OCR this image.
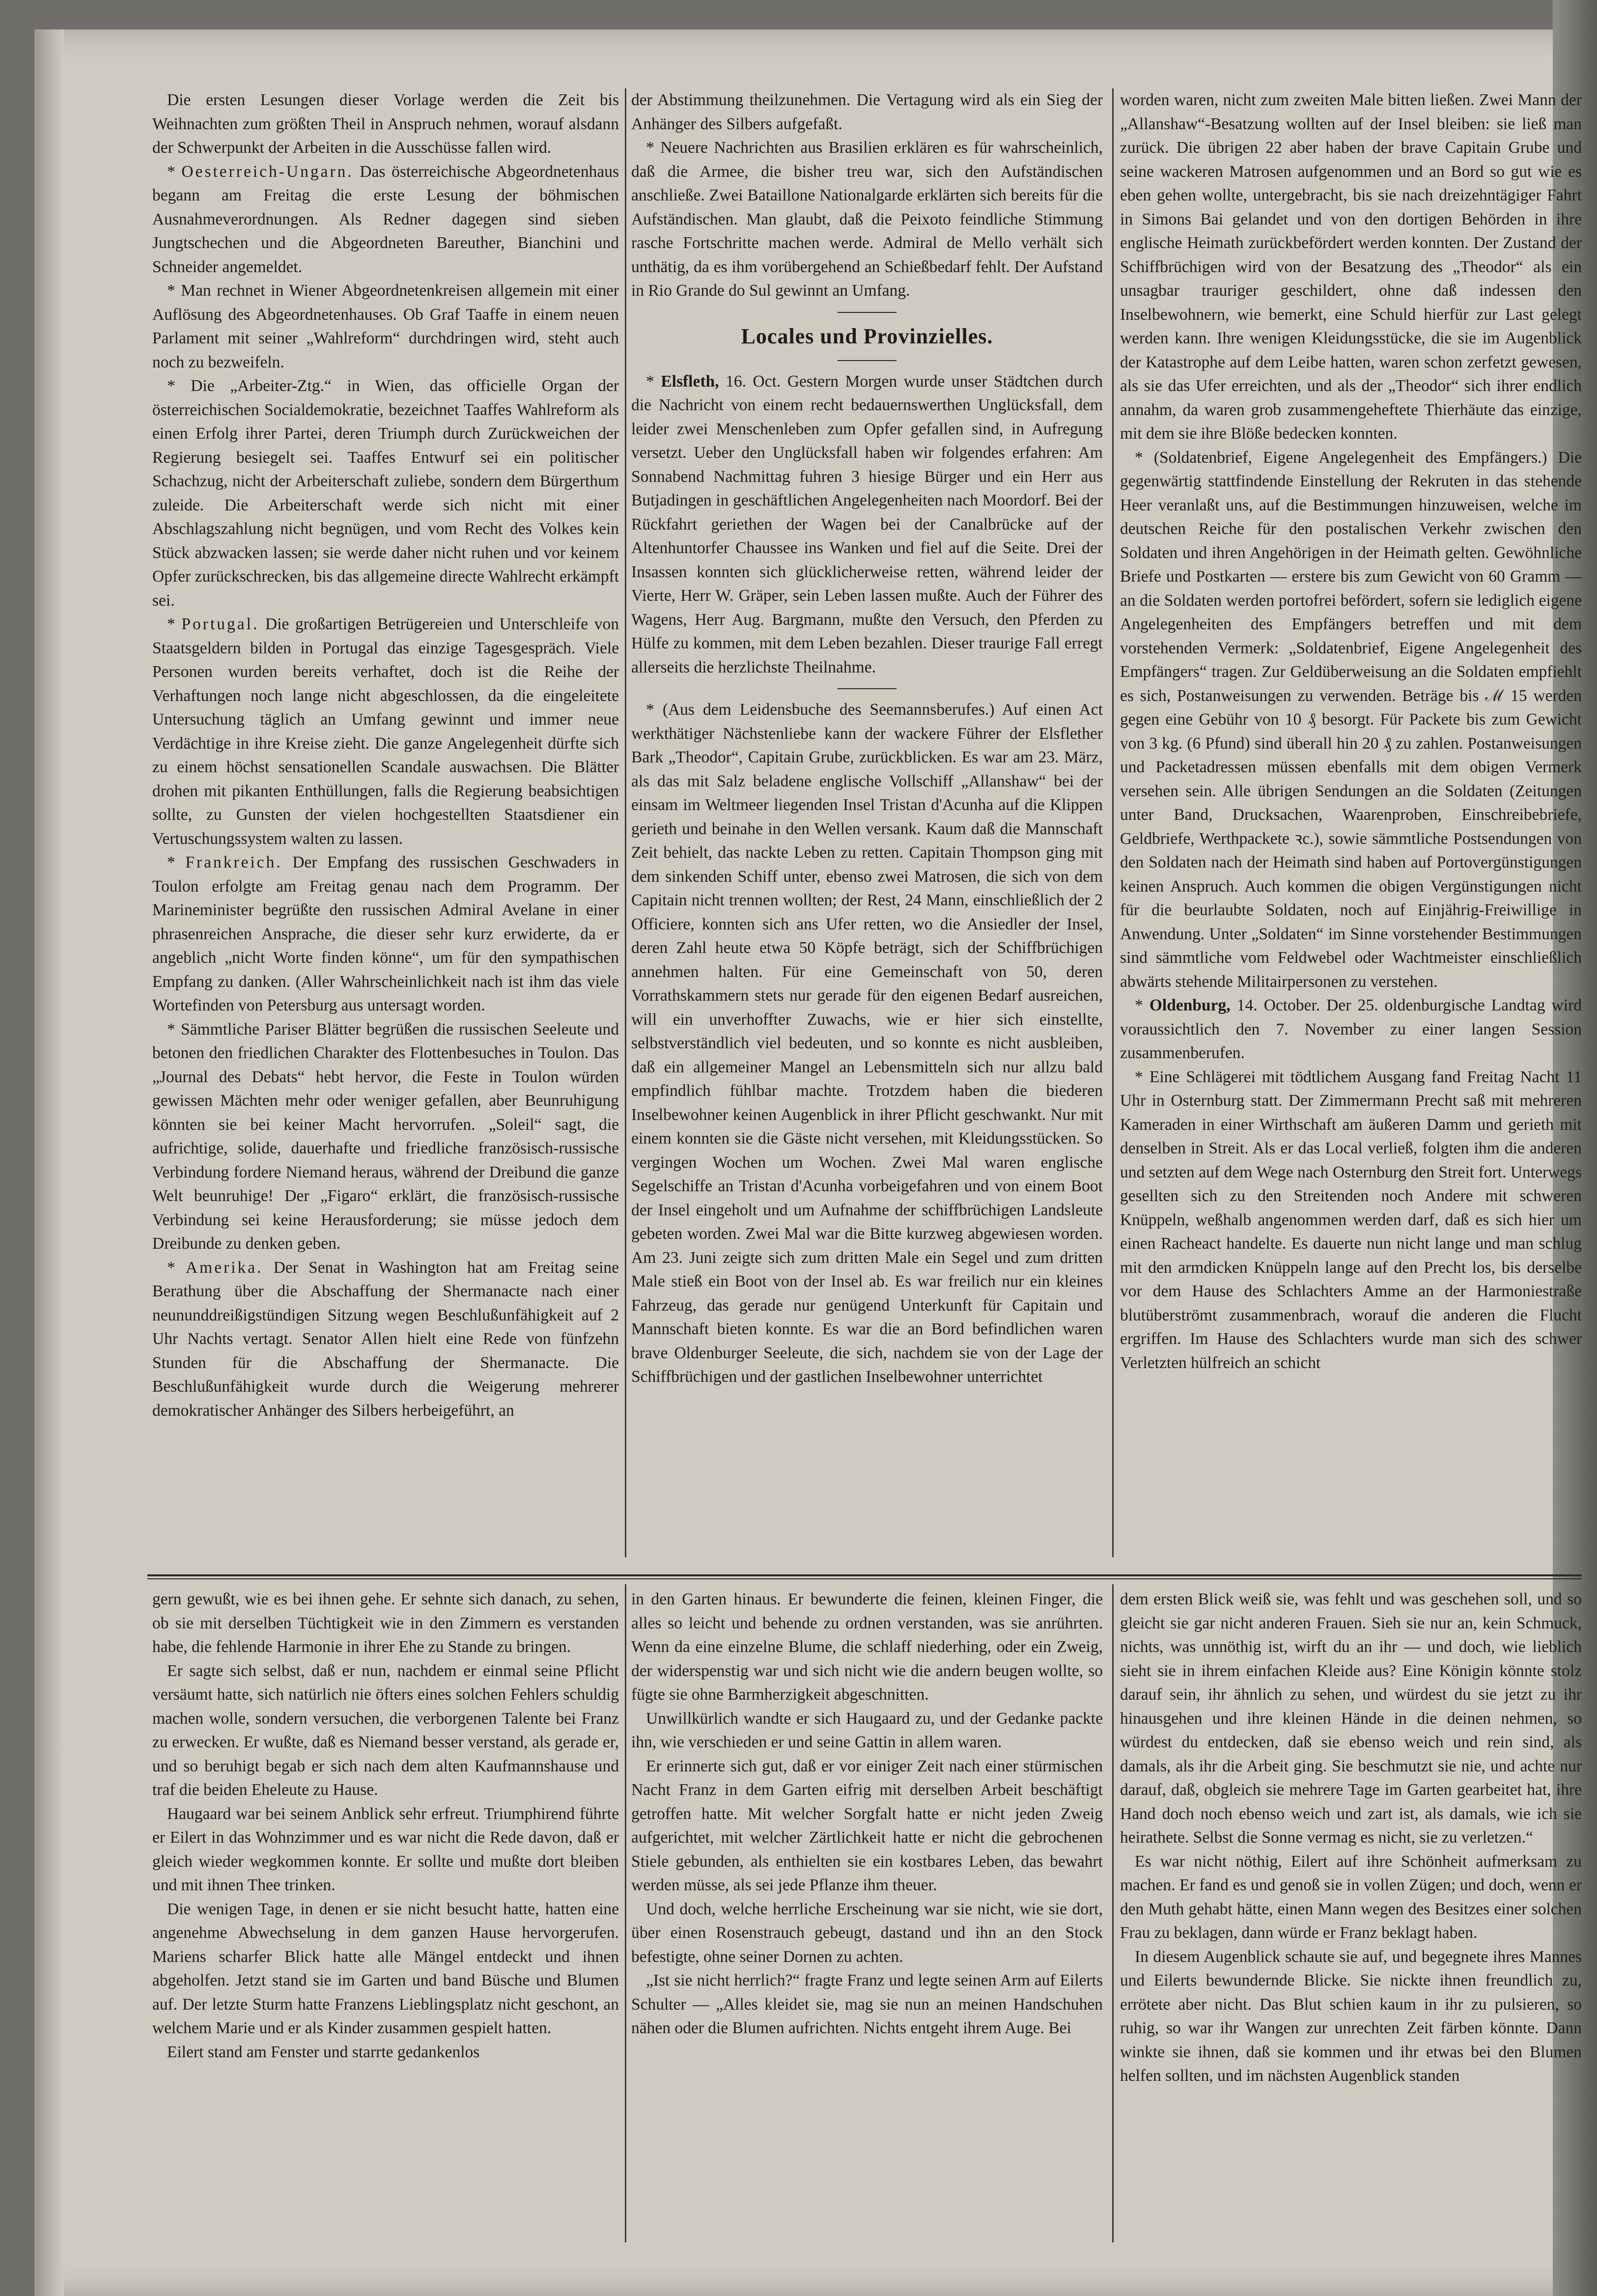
Die ersten Lesungen dieser Vorlage werden die Zeit bis Weihnachten zum größten Theil in Anspruch nehmen, worauf alsdann der Schwerpunkt der Arbeiten in die Ausschüsse fallen wird.

* Oesterreich-Ungarn. Das österreichische Abgeordnetenhaus begann am Freitag die erste Lesung der böhmischen Ausnahmeverordnungen. Als Redner dagegen sind sieben Jungtschechen und die Abgeordneten Bareuther, Bianchini und Schneider angemeldet.

* Man rechnet in Wiener Abgeordnetenkreisen allgemein mit einer Auflösung des Abgeordnetenhauses. Ob Graf Taaffe in einem neuen Parlament mit seiner „Wahlreform“ durchdringen wird, steht auch noch zu bezweifeln.

* Die „Arbeiter-Ztg.“ in Wien, das officielle Organ der österreichischen Socialdemokratie, bezeichnet Taaffes Wahlreform als einen Erfolg ihrer Partei, deren Triumph durch Zurückweichen der Regierung besiegelt sei. Taaffes Entwurf sei ein politischer Schachzug, nicht der Arbeiterschaft zuliebe, sondern dem Bürgerthum zuleide. Die Arbeiterschaft werde sich nicht mit einer Abschlagszahlung nicht begnügen, und vom Recht des Volkes kein Stück abzwacken lassen; sie werde daher nicht ruhen und vor keinem Opfer zurückschrecken, bis das allgemeine directe Wahlrecht erkämpft sei.

* Portugal. Die großartigen Betrügereien und Unterschleife von Staatsgeldern bilden in Portugal das einzige Tagesgespräch. Viele Personen wurden bereits verhaftet, doch ist die Reihe der Verhaftungen noch lange nicht abgeschlossen, da die eingeleitete Untersuchung täglich an Umfang gewinnt und immer neue Verdächtige in ihre Kreise zieht. Die ganze Angelegenheit dürfte sich zu einem höchst sensationellen Scandale auswachsen. Die Blätter drohen mit pikanten Enthüllungen, falls die Regierung beabsichtigen sollte, zu Gunsten der vielen hochgestellten Staatsdiener ein Vertuschungssystem walten zu lassen.

* Frankreich. Der Empfang des russischen Geschwaders in Toulon erfolgte am Freitag genau nach dem Programm. Der Marineminister begrüßte den russischen Admiral Avelane in einer phrasenreichen Ansprache, die dieser sehr kurz erwiderte, da er angeblich „nicht Worte finden könne“, um für den sympathischen Empfang zu danken. (Aller Wahrscheinlichkeit nach ist ihm das viele Wortefinden von Petersburg aus untersagt worden.

* Sämmtliche Pariser Blätter begrüßen die russischen Seeleute und betonen den friedlichen Charakter des Flottenbesuches in Toulon. Das „Journal des Debats“ hebt hervor, die Feste in Toulon würden gewissen Mächten mehr oder weniger gefallen, aber Beunruhigung könnten sie bei keiner Macht hervorrufen. „Soleil“ sagt, die aufrichtige, solide, dauerhafte und friedliche französisch-russische Verbindung fordere Niemand heraus, während der Dreibund die ganze Welt beunruhige! Der „Figaro“ erklärt, die französisch-russische Verbindung sei keine Herausforderung; sie müsse jedoch dem Dreibunde zu denken geben.

* Amerika. Der Senat in Washington hat am Freitag seine Berathung über die Abschaffung der Shermanacte nach einer neununddreißigstündigen Sitzung wegen Beschlußunfähigkeit auf 2 Uhr Nachts vertagt. Senator Allen hielt eine Rede von fünfzehn Stunden für die Abschaffung der Shermanacte. Die Beschlußunfähigkeit wurde durch die Weigerung mehrerer demokratischer Anhänger des Silbers herbeigeführt, an

der Abstimmung theilzunehmen. Die Vertagung wird als ein Sieg der Anhänger des Silbers aufgefaßt.

* Neuere Nachrichten aus Brasilien erklären es für wahrscheinlich, daß die Armee, die bisher treu war, sich den Aufständischen anschließe. Zwei Bataillone Nationalgarde erklärten sich bereits für die Aufständischen. Man glaubt, daß die Peixoto feindliche Stimmung rasche Fortschritte machen werde. Admiral de Mello verhält sich unthätig, da es ihm vorübergehend an Schießbedarf fehlt. Der Aufstand in Rio Grande do Sul gewinnt an Umfang.

Locales und Provinzielles.

* Elsfleth, 16. Oct. Gestern Morgen wurde unser Städtchen durch die Nachricht von einem recht bedauernswerthen Unglücksfall, dem leider zwei Menschenleben zum Opfer gefallen sind, in Aufregung versetzt. Ueber den Unglücksfall haben wir folgendes erfahren: Am Sonnabend Nachmittag fuhren 3 hiesige Bürger und ein Herr aus Butjadingen in geschäftlichen Angelegenheiten nach Moordorf. Bei der Rückfahrt geriethen der Wagen bei der Canalbrücke auf der Altenhuntorfer Chaussee ins Wanken und fiel auf die Seite. Drei der Insassen konnten sich glücklicherweise retten, während leider der Vierte, Herr W. Gräper, sein Leben lassen mußte. Auch der Führer des Wagens, Herr Aug. Bargmann, mußte den Versuch, den Pferden zu Hülfe zu kommen, mit dem Leben bezahlen. Dieser traurige Fall erregt allerseits die herzlichste Theilnahme.

* (Aus dem Leidensbuche des Seemannsberufes.) Auf einen Act werkthätiger Nächstenliebe kann der wackere Führer der Elsflether Bark „Theodor“, Capitain Grube, zurückblicken. Es war am 23. März, als das mit Salz beladene englische Vollschiff „Allanshaw“ bei der einsam im Weltmeer liegenden Insel Tristan d'Acunha auf die Klippen gerieth und beinahe in den Wellen versank. Kaum daß die Mannschaft Zeit behielt, das nackte Leben zu retten. Capitain Thompson ging mit dem sinkenden Schiff unter, ebenso zwei Matrosen, die sich von dem Capitain nicht trennen wollten; der Rest, 24 Mann, einschließlich der 2 Officiere, konnten sich ans Ufer retten, wo die Ansiedler der Insel, deren Zahl heute etwa 50 Köpfe beträgt, sich der Schiffbrüchigen annehmen halten. Für eine Gemeinschaft von 50, deren Vorrathskammern stets nur gerade für den eigenen Bedarf ausreichen, will ein unverhoffter Zuwachs, wie er hier sich einstellte, selbstverständlich viel bedeuten, und so konnte es nicht ausbleiben, daß ein allgemeiner Mangel an Lebensmitteln sich nur allzu bald empfindlich fühlbar machte. Trotzdem haben die biederen Inselbewohner keinen Augenblick in ihrer Pflicht geschwankt. Nur mit einem konnten sie die Gäste nicht versehen, mit Kleidungsstücken. So vergingen Wochen um Wochen. Zwei Mal waren englische Segelschiffe an Tristan d'Acunha vorbeigefahren und von einem Boot der Insel eingeholt und um Aufnahme der schiffbrüchigen Landsleute gebeten worden. Zwei Mal war die Bitte kurzweg abgewiesen worden. Am 23. Juni zeigte sich zum dritten Male ein Segel und zum dritten Male stieß ein Boot von der Insel ab. Es war freilich nur ein kleines Fahrzeug, das gerade nur genügend Unterkunft für Capitain und Mannschaft bieten konnte. Es war die an Bord befindlichen waren brave Oldenburger Seeleute, die sich, nachdem sie von der Lage der Schiffbrüchigen und der gastlichen Inselbewohner unterrichtet

worden waren, nicht zum zweiten Male bitten ließen. Zwei Mann der „Allanshaw“-Besatzung wollten auf der Insel bleiben: sie ließ man zurück. Die übrigen 22 aber haben der brave Capitain Grube und seine wackeren Matrosen aufgenommen und an Bord so gut wie es eben gehen wollte, untergebracht, bis sie nach dreizehntägiger Fahrt in Simons Bai gelandet und von den dortigen Behörden in ihre englische Heimath zurückbefördert werden konnten. Der Zustand der Schiffbrüchigen wird von der Besatzung des „Theodor“ als ein unsagbar trauriger geschildert, ohne daß indessen den Inselbewohnern, wie bemerkt, eine Schuld hierfür zur Last gelegt werden kann. Ihre wenigen Kleidungsstücke, die sie im Augenblick der Katastrophe auf dem Leibe hatten, waren schon zerfetzt gewesen, als sie das Ufer erreichten, und als der „Theodor“ sich ihrer endlich annahm, da waren grob zusammengeheftete Thierhäute das einzige, mit dem sie ihre Blöße bedecken konnten.

* (Soldatenbrief, Eigene Angelegenheit des Empfängers.) Die gegenwärtig stattfindende Einstellung der Rekruten in das stehende Heer veranlaßt uns, auf die Bestimmungen hinzuweisen, welche im deutschen Reiche für den postalischen Verkehr zwischen den Soldaten und ihren Angehörigen in der Heimath gelten. Gewöhnliche Briefe und Postkarten — erstere bis zum Gewicht von 60 Gramm — an die Soldaten werden portofrei befördert, sofern sie lediglich eigene Angelegenheiten des Empfängers betreffen und mit dem vorstehenden Vermerk: „Soldatenbrief, Eigene Angelegenheit des Empfängers“ tragen. Zur Geldüberweisung an die Soldaten empfiehlt es sich, Postanweisungen zu verwenden. Beträge bis ℳ 15 werden gegen eine Gebühr von 10 ₰ besorgt. Für Packete bis zum Gewicht von 3 kg. (6 Pfund) sind überall hin 20 ₰ zu zahlen. Postanweisungen und Packetadressen müssen ebenfalls mit dem obigen Vermerk versehen sein. Alle übrigen Sendungen an die Soldaten (Zeitungen unter Band, Drucksachen, Waarenproben, Einschreibebriefe, Geldbriefe, Werthpackete ꝛc.), sowie sämmtliche Postsendungen von den Soldaten nach der Heimath sind haben auf Portovergünstigungen keinen Anspruch. Auch kommen die obigen Vergünstigungen nicht für die beurlaubte Soldaten, noch auf Einjährig-Freiwillige in Anwendung. Unter „Soldaten“ im Sinne vorstehender Bestimmungen sind sämmtliche vom Feldwebel oder Wachtmeister einschließlich abwärts stehende Militairpersonen zu verstehen.

* Oldenburg, 14. October. Der 25. oldenburgische Landtag wird voraussichtlich den 7. November zu einer langen Session zusammenberufen.

* Eine Schlägerei mit tödtlichem Ausgang fand Freitag Nacht 11 Uhr in Osternburg statt. Der Zimmermann Precht saß mit mehreren Kameraden in einer Wirthschaft am äußeren Damm und gerieth mit denselben in Streit. Als er das Local verließ, folgten ihm die anderen und setzten auf dem Wege nach Osternburg den Streit fort. Unterwegs gesellten sich zu den Streitenden noch Andere mit schweren Knüppeln, weßhalb angenommen werden darf, daß es sich hier um einen Racheact handelte. Es dauerte nun nicht lange und man schlug mit den armdicken Knüppeln lange auf den Precht los, bis derselbe vor dem Hause des Schlachters Amme an der Harmoniestraße blutüberströmt zusammenbrach, worauf die anderen die Flucht ergriffen. Im Hause des Schlachters wurde man sich des schwer Verletzten hülfreich an schicht

gern gewußt, wie es bei ihnen gehe. Er sehnte sich danach, zu sehen, ob sie mit derselben Tüchtigkeit wie in den Zimmern es verstanden habe, die fehlende Harmonie in ihrer Ehe zu Stande zu bringen.

Er sagte sich selbst, daß er nun, nachdem er einmal seine Pflicht versäumt hatte, sich natürlich nie öfters eines solchen Fehlers schuldig machen wolle, sondern versuchen, die verborgenen Talente bei Franz zu erwecken. Er wußte, daß es Niemand besser verstand, als gerade er, und so beruhigt begab er sich nach dem alten Kaufmannshause und traf die beiden Eheleute zu Hause.

Haugaard war bei seinem Anblick sehr erfreut. Triumphirend führte er Eilert in das Wohnzimmer und es war nicht die Rede davon, daß er gleich wieder wegkommen konnte. Er sollte und mußte dort bleiben und mit ihnen Thee trinken.

Die wenigen Tage, in denen er sie nicht besucht hatte, hatten eine angenehme Abwechselung in dem ganzen Hause hervorgerufen. Mariens scharfer Blick hatte alle Mängel entdeckt und ihnen abgeholfen. Jetzt stand sie im Garten und band Büsche und Blumen auf. Der letzte Sturm hatte Franzens Lieblingsplatz nicht geschont, an welchem Marie und er als Kinder zusammen gespielt hatten.

Eilert stand am Fenster und starrte gedankenlos

in den Garten hinaus. Er bewunderte die feinen, kleinen Finger, die alles so leicht und behende zu ordnen verstanden, was sie anrührten. Wenn da eine einzelne Blume, die schlaff niederhing, oder ein Zweig, der widerspenstig war und sich nicht wie die andern beugen wollte, so fügte sie ohne Barmherzigkeit abgeschnitten.

Unwillkürlich wandte er sich Haugaard zu, und der Gedanke packte ihn, wie verschieden er und seine Gattin in allem waren.

Er erinnerte sich gut, daß er vor einiger Zeit nach einer stürmischen Nacht Franz in dem Garten eifrig mit derselben Arbeit beschäftigt getroffen hatte. Mit welcher Sorgfalt hatte er nicht jeden Zweig aufgerichtet, mit welcher Zärtlichkeit hatte er nicht die gebrochenen Stiele gebunden, als enthielten sie ein kostbares Leben, das bewahrt werden müsse, als sei jede Pflanze ihm theuer.

Und doch, welche herrliche Erscheinung war sie nicht, wie sie dort, über einen Rosenstrauch gebeugt, dastand und ihn an den Stock befestigte, ohne seiner Dornen zu achten.

„Ist sie nicht herrlich?“ fragte Franz und legte seinen Arm auf Eilerts Schulter — „Alles kleidet sie, mag sie nun an meinen Handschuhen nähen oder die Blumen aufrichten. Nichts entgeht ihrem Auge. Bei

dem ersten Blick weiß sie, was fehlt und was geschehen soll, und so gleicht sie gar nicht anderen Frauen. Sieh sie nur an, kein Schmuck, nichts, was unnöthig ist, wirft du an ihr — und doch, wie lieblich sieht sie in ihrem einfachen Kleide aus? Eine Königin könnte stolz darauf sein, ihr ähnlich zu sehen, und würdest du sie jetzt zu ihr hinausgehen und ihre kleinen Hände in die deinen nehmen, so würdest du entdecken, daß sie ebenso weich und rein sind, als damals, als ihr die Arbeit ging. Sie beschmutzt sie nie, und achte nur darauf, daß, obgleich sie mehrere Tage im Garten gearbeitet hat, ihre Hand doch noch ebenso weich und zart ist, als damals, wie ich sie heirathete. Selbst die Sonne vermag es nicht, sie zu verletzen.“

Es war nicht nöthig, Eilert auf ihre Schönheit aufmerksam zu machen. Er fand es und genoß sie in vollen Zügen; und doch, wenn er den Muth gehabt hätte, einen Mann wegen des Besitzes einer solchen Frau zu beklagen, dann würde er Franz beklagt haben.

In diesem Augenblick schaute sie auf, und begegnete ihres Mannes und Eilerts bewundernde Blicke. Sie nickte ihnen freundlich zu, errötete aber nicht. Das Blut schien kaum in ihr zu pulsieren, so ruhig, so war ihr Wangen zur unrechten Zeit färben könnte. Dann winkte sie ihnen, daß sie kommen und ihr etwas bei den Blumen helfen sollten, und im nächsten Augenblick standen
